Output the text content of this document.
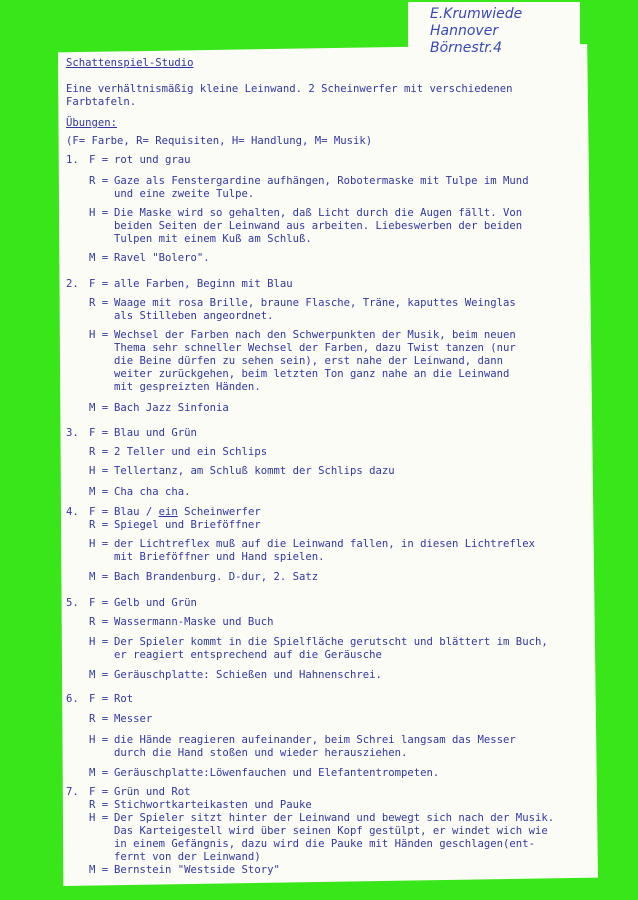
E.Krumwiede
Hannover
Börnestr.4
Schattenspiel-Studio
Eine verhältnismäßig kleine Leinwand. 2 Scheinwerfer mit verschiedenen
Farbtafeln.
Übungen:
(F= Farbe, R= Requisiten, H= Handlung, M= Musik)
1. F = rot und grau
R = Gaze als Fenstergardine aufhängen, Robotermaske mit Tulpe im Mund
und eine zweite Tulpe.
H = Die Maske wird so gehalten, daß Licht durch die Augen fällt. Von
beiden Seiten der Leinwand aus arbeiten. Liebeswerben der beiden
Tulpen mit einem Kuß am Schluß.
M = Ravel "Bolero".
2. F = alle Farben, Beginn mit Blau
R = Waage mit rosa Brille, braune Flasche, Träne, kaputtes Weinglas
als Stilleben angeordnet.
H = Wechsel der Farben nach den Schwerpunkten der Musik, beim neuen
Thema sehr schneller Wechsel der Farben, dazu Twist tanzen (nur
die Beine dürfen zu sehen sein), erst nahe der Leinwand, dann
weiter zurückgehen, beim letzten Ton ganz nahe an die Leinwand
mit gespreizten Händen.
M = Bach Jazz Sinfonia
3. F = Blau und Grün
R = 2 Teller und ein Schlips
H = Tellertanz, am Schluß kommt der Schlips dazu
M = Cha cha cha.
4. F = Blau / ein Scheinwerfer
R = Spiegel und Brieföffner
H = der Lichtreflex muß auf die Leinwand fallen, in diesen Lichtreflex
mit Brieföffner und Hand spielen.
M = Bach Brandenburg. D-dur, 2. Satz
5. F = Gelb und Grün
R = Wassermann-Maske und Buch
H = Der Spieler kommt in die Spielfläche gerutscht und blättert im Buch,
er reagiert entsprechend auf die Geräusche
M = Geräuschplatte: Schießen und Hahnenschrei.
6. F = Rot
R = Messer
H = die Hände reagieren aufeinander, beim Schrei langsam das Messer
durch die Hand stoßen und wieder herausziehen.
M = Geräuschplatte:Löwenfauchen und Elefantentrompeten.
7. F = Grün und Rot
R = Stichwortkarteikasten und Pauke
H = Der Spieler sitzt hinter der Leinwand und bewegt sich nach der Musik.
Das Karteigestell wird über seinen Kopf gestülpt, er windet wich wie
in einem Gefängnis, dazu wird die Pauke mit Händen geschlagen(ent-
fernt von der Leinwand)
M = Bernstein "Westside Story"
